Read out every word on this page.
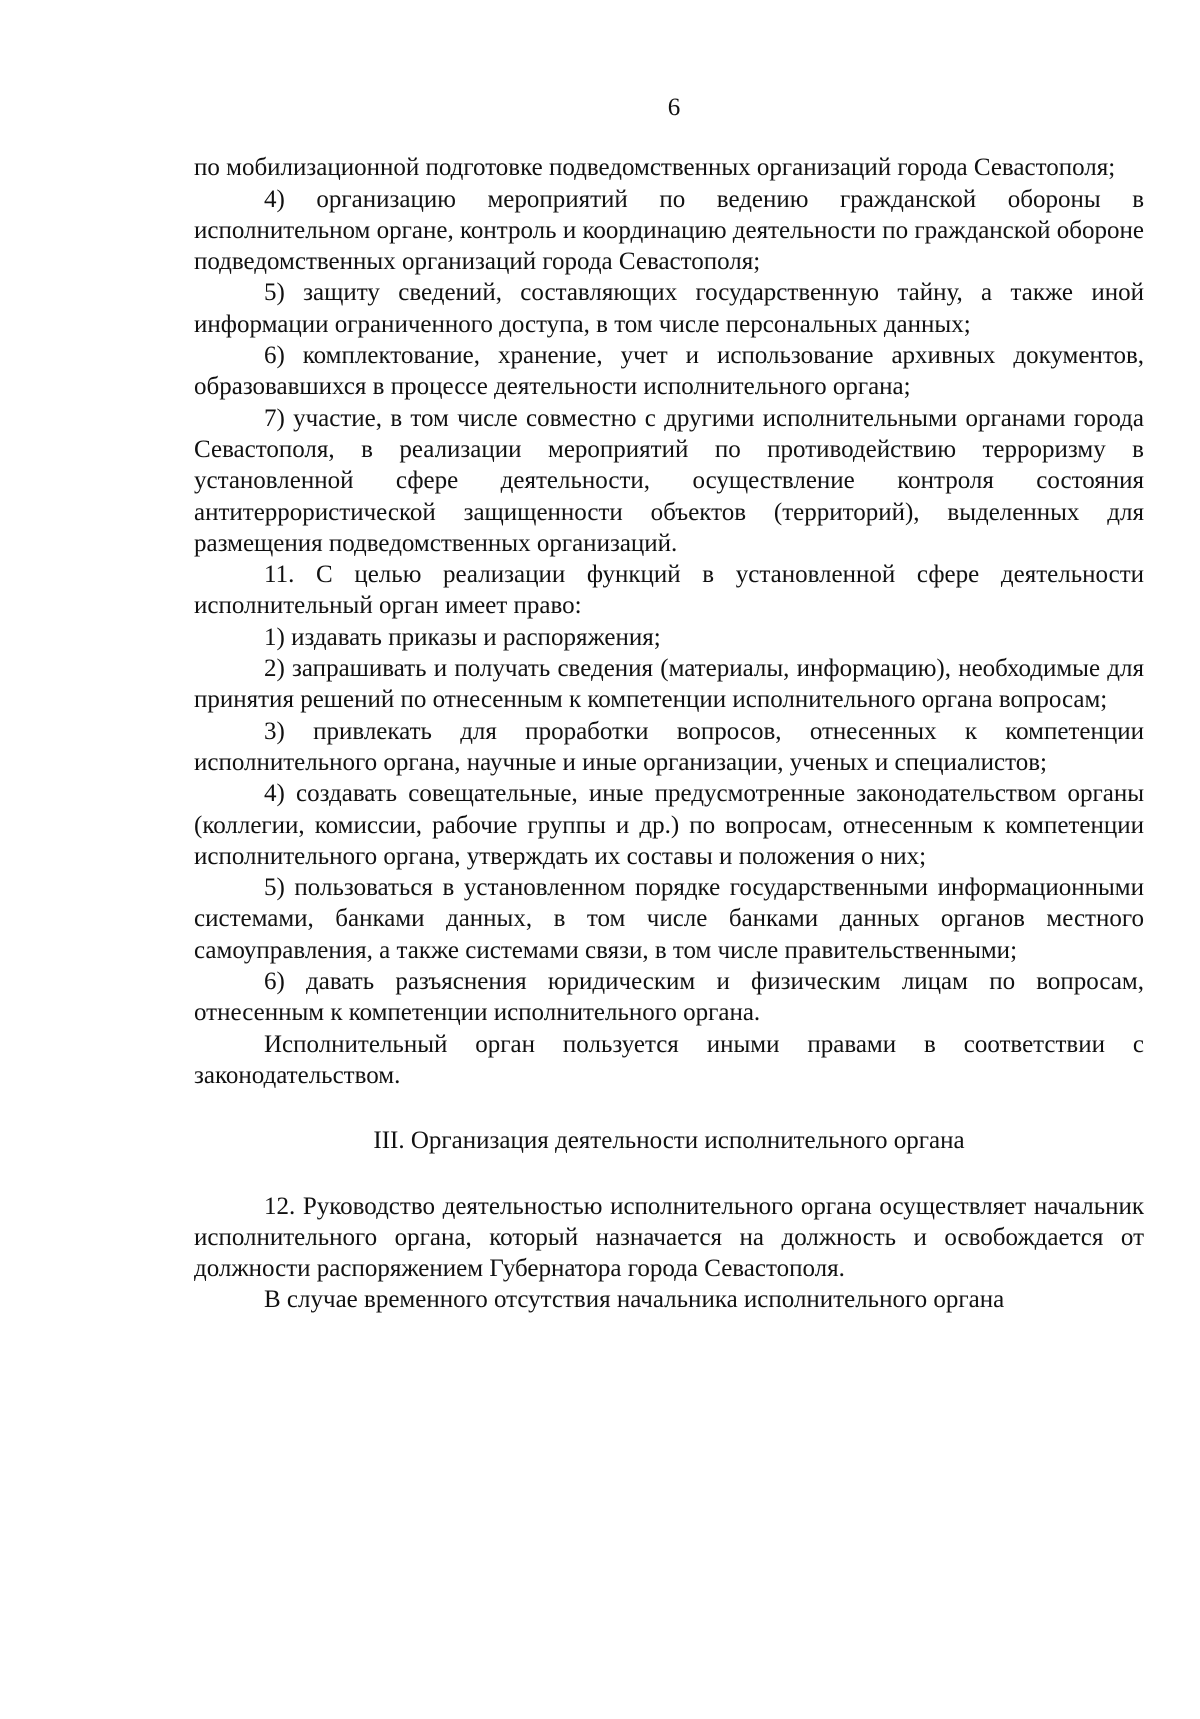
6

по мобилизационной подготовке подведомственных организаций города Севастополя;

4) организацию мероприятий по ведению гражданской обороны в исполнительном органе, контроль и координацию деятельности по гражданской обороне подведомственных организаций города Севастополя;

5) защиту сведений, составляющих государственную тайну, а также иной информации ограниченного доступа, в том числе персональных данных;

6) комплектование, хранение, учет и использование архивных документов, образовавшихся в процессе деятельности исполнительного органа;

7) участие, в том числе совместно с другими исполнительными органами города Севастополя, в реализации мероприятий по противодействию терроризму в установленной сфере деятельности, осуществление контроля состояния антитеррористической защищенности объектов (территорий), выделенных для размещения подведомственных организаций.

11. С целью реализации функций в установленной сфере деятельности исполнительный орган имеет право:

1) издавать приказы и распоряжения;

2) запрашивать и получать сведения (материалы, информацию), необходимые для принятия решений по отнесенным к компетенции исполнительного органа вопросам;

3) привлекать для проработки вопросов, отнесенных к компетенции исполнительного органа, научные и иные организации, ученых и специалистов;

4) создавать совещательные, иные предусмотренные законодательством органы (коллегии, комиссии, рабочие группы и др.) по вопросам, отнесенным к компетенции исполнительного органа, утверждать их составы и положения о них;

5) пользоваться в установленном порядке государственными информационными системами, банками данных, в том числе банками данных органов местного самоуправления, а также системами связи, в том числе правительственными;

6) давать разъяснения юридическим и физическим лицам по вопросам, отнесенным к компетенции исполнительного органа.

Исполнительный орган пользуется иными правами в соответствии с законодательством.

III. Организация деятельности исполнительного органа

12. Руководство деятельностью исполнительного органа осуществляет начальник исполнительного органа, который назначается на должность и освобождается от должности распоряжением Губернатора города Севастополя.

В случае временного отсутствия начальника исполнительного органа
